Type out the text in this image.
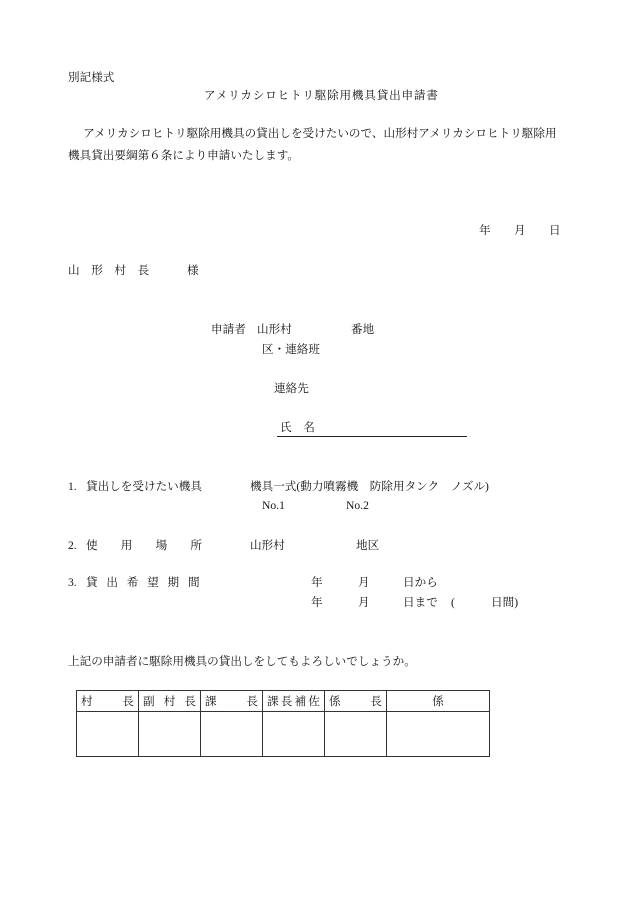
別記様式
アメリカシロヒトリ駆除用機具貸出申請書
アメリカシロヒトリ駆除用機具の貸出しを受けたいので、山形村アメリカシロヒトリ駆除用
機具貸出要綱第６条により申請いたします。
年 月 日
山　形　村　長	様
申請者 山形村	番地
区・連絡班
連絡先
氏　名
1. 貸出しを受けたい機具	機具一式(動力噴霧機　防除用タンク　ノズル)
No.1	No.2
2. 使　　用　　場　　所	山形村	地区
3. 貸　出　希　望　期　間	年	月	日から
年	月	日まで (	日間)
上記の申請者に駆除用機具の貸出しをしてもよろしいでしょうか。
村　　長	副 村 長	課　　長	課長補佐	係　　長	係
